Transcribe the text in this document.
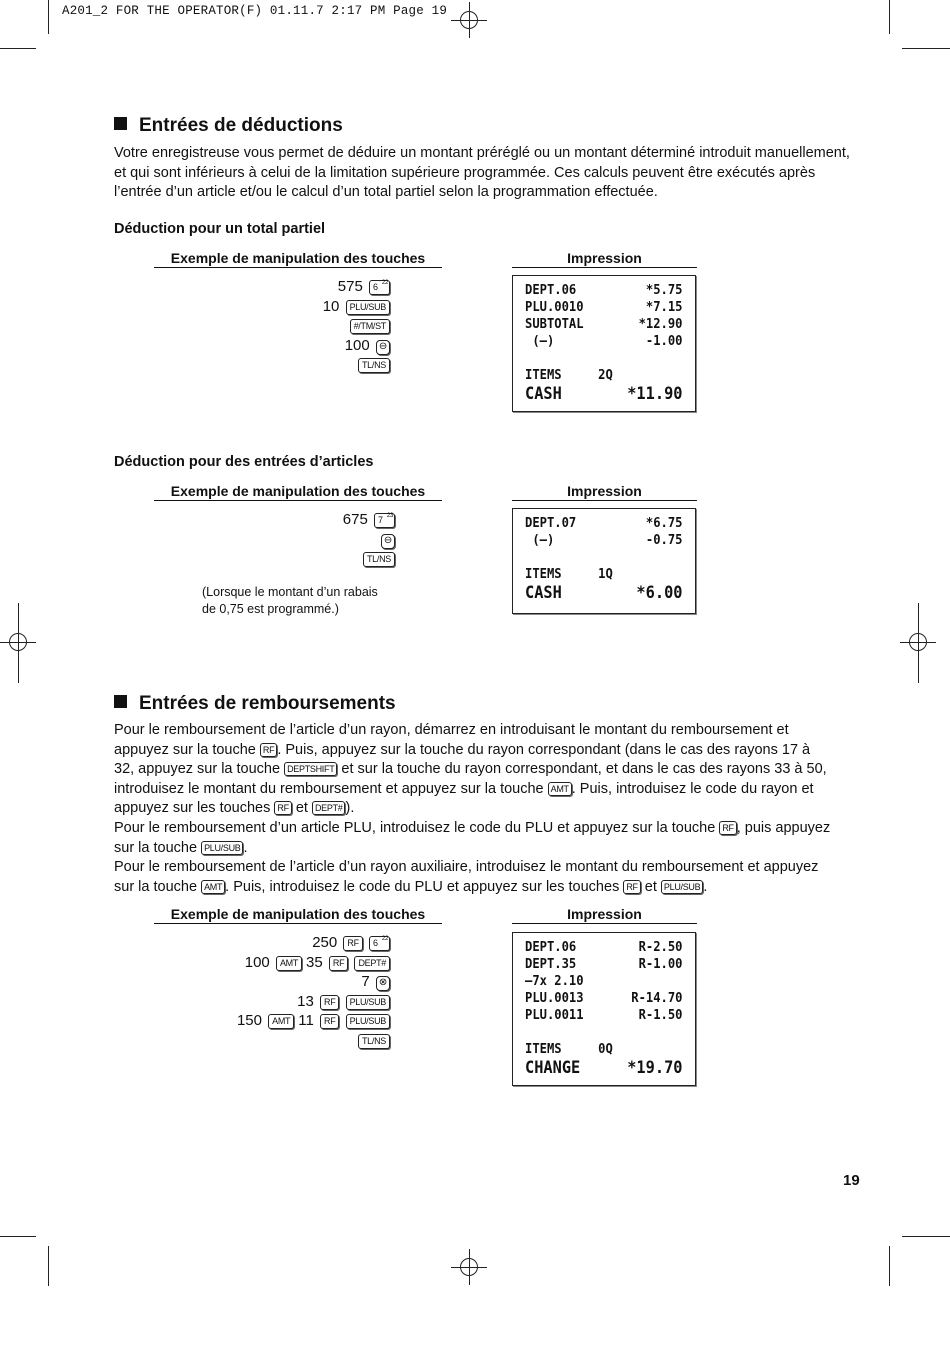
A201_2 FOR THE OPERATOR(F) 01.11.7 2:17 PM Page 19
Entrées de déductions
Votre enregistreuse vous permet de déduire un montant préréglé ou un montant déterminé introduit manuellement, et qui sont inférieurs à celui de la limitation supérieure programmée. Ces calculs peuvent être exécutés après l’entrée d’un article et/ou le calcul d’un total partiel selon la programmation effectuée.
Déduction pour un total partiel
Exemple de manipulation des touches	Impression
575 6 22
10 PLU/SUB
#/TM/ST
100 ⊖
TL/NS
DEPT.06	*5.75
PLU.0010	*7.15
SUBTOTAL	*12.90
(–)	-1.00
ITEMS     2Q
CASH	*11.90
Déduction pour des entrées d’articles
Exemple de manipulation des touches	Impression
675 7 23
⊖
TL/NS
(Lorsque le montant d’un rabais
de 0,75 est programmé.)
DEPT.07	*6.75
(–)	-0.75
ITEMS     1Q
CASH	*6.00
Entrées de remboursements
Pour le remboursement de l’article d’un rayon, démarrez en introduisant le montant du remboursement et
appuyez sur la touche RF . Puis, appuyez sur la touche du rayon correspondant (dans le cas des rayons 17 à
32, appuyez sur la touche DEPTSHIFT et sur la touche du rayon correspondant, et dans le cas des rayons 33 à 50,
introduisez le montant du remboursement et appuyez sur la touche AMT . Puis, introduisez le code du rayon et
appuyez sur les touches RF et DEPT# ).
Pour le remboursement d’un article PLU, introduisez le code du PLU et appuyez sur la touche RF , puis appuyez
sur la touche PLU/SUB .
Pour le remboursement de l’article d’un rayon auxiliaire, introduisez le montant du remboursement et appuyez
sur la touche AMT . Puis, introduisez le code du PLU et appuyez sur les touches RF et PLU/SUB .
Exemple de manipulation des touches	Impression
250 RF 6 22
100 AMT 35 RF DEPT#
7 ⊗
13 RF PLU/SUB
150 AMT 11 RF PLU/SUB
TL/NS
DEPT.06	R-2.50
DEPT.35	R-1.00
–7x 2.10
PLU.0013	R-14.70
PLU.0011	R-1.50
ITEMS     0Q
CHANGE	*19.70
19
